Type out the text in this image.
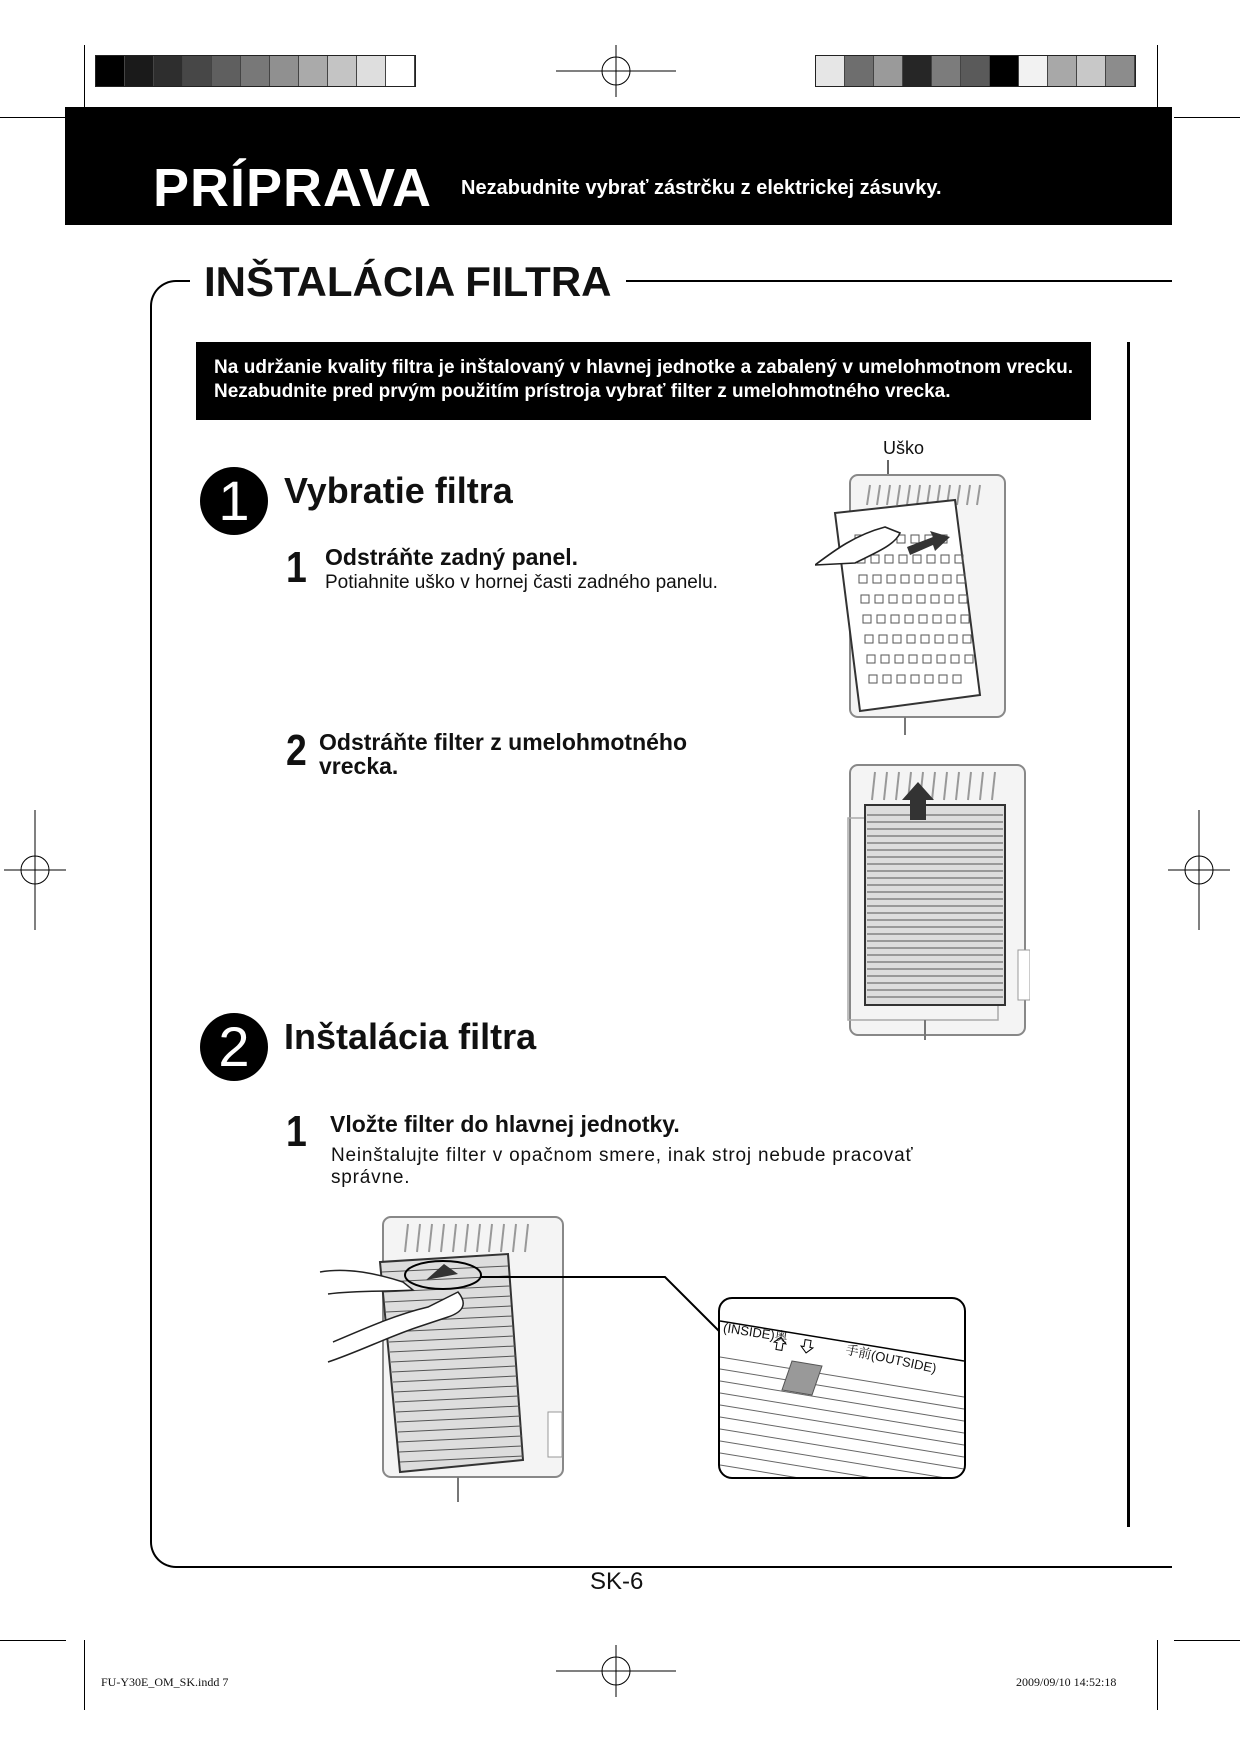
PRÍPRAVA Nezabudnite vybrať zástrčku z elektrickej zásuvky.
INŠTALÁCIA FILTRA
Na udržanie kvality filtra je inštalovaný v hlavnej jednotke a zabalený v umelohmotnom vrecku. Nezabudnite pred prvým použitím prístroja vybrať filter z umelohmotného vrecka.
1 Vybratie filtra
1 Odstráňte zadný panel.
Potiahnite uško v hornej časti zadného panelu.
2 Odstráňte filter z umelohmotného vrecka.
Uško
2 Inštalácia filtra
1 Vložte filter do hlavnej jednotky.
Neinštalujte filter v opačnom smere, inak stroj nebude pracovať správne.
(INSIDE)奥
手前(OUTSIDE)
SK-6
FU-Y30E_OM_SK.indd 7	2009/09/10 14:52:18
